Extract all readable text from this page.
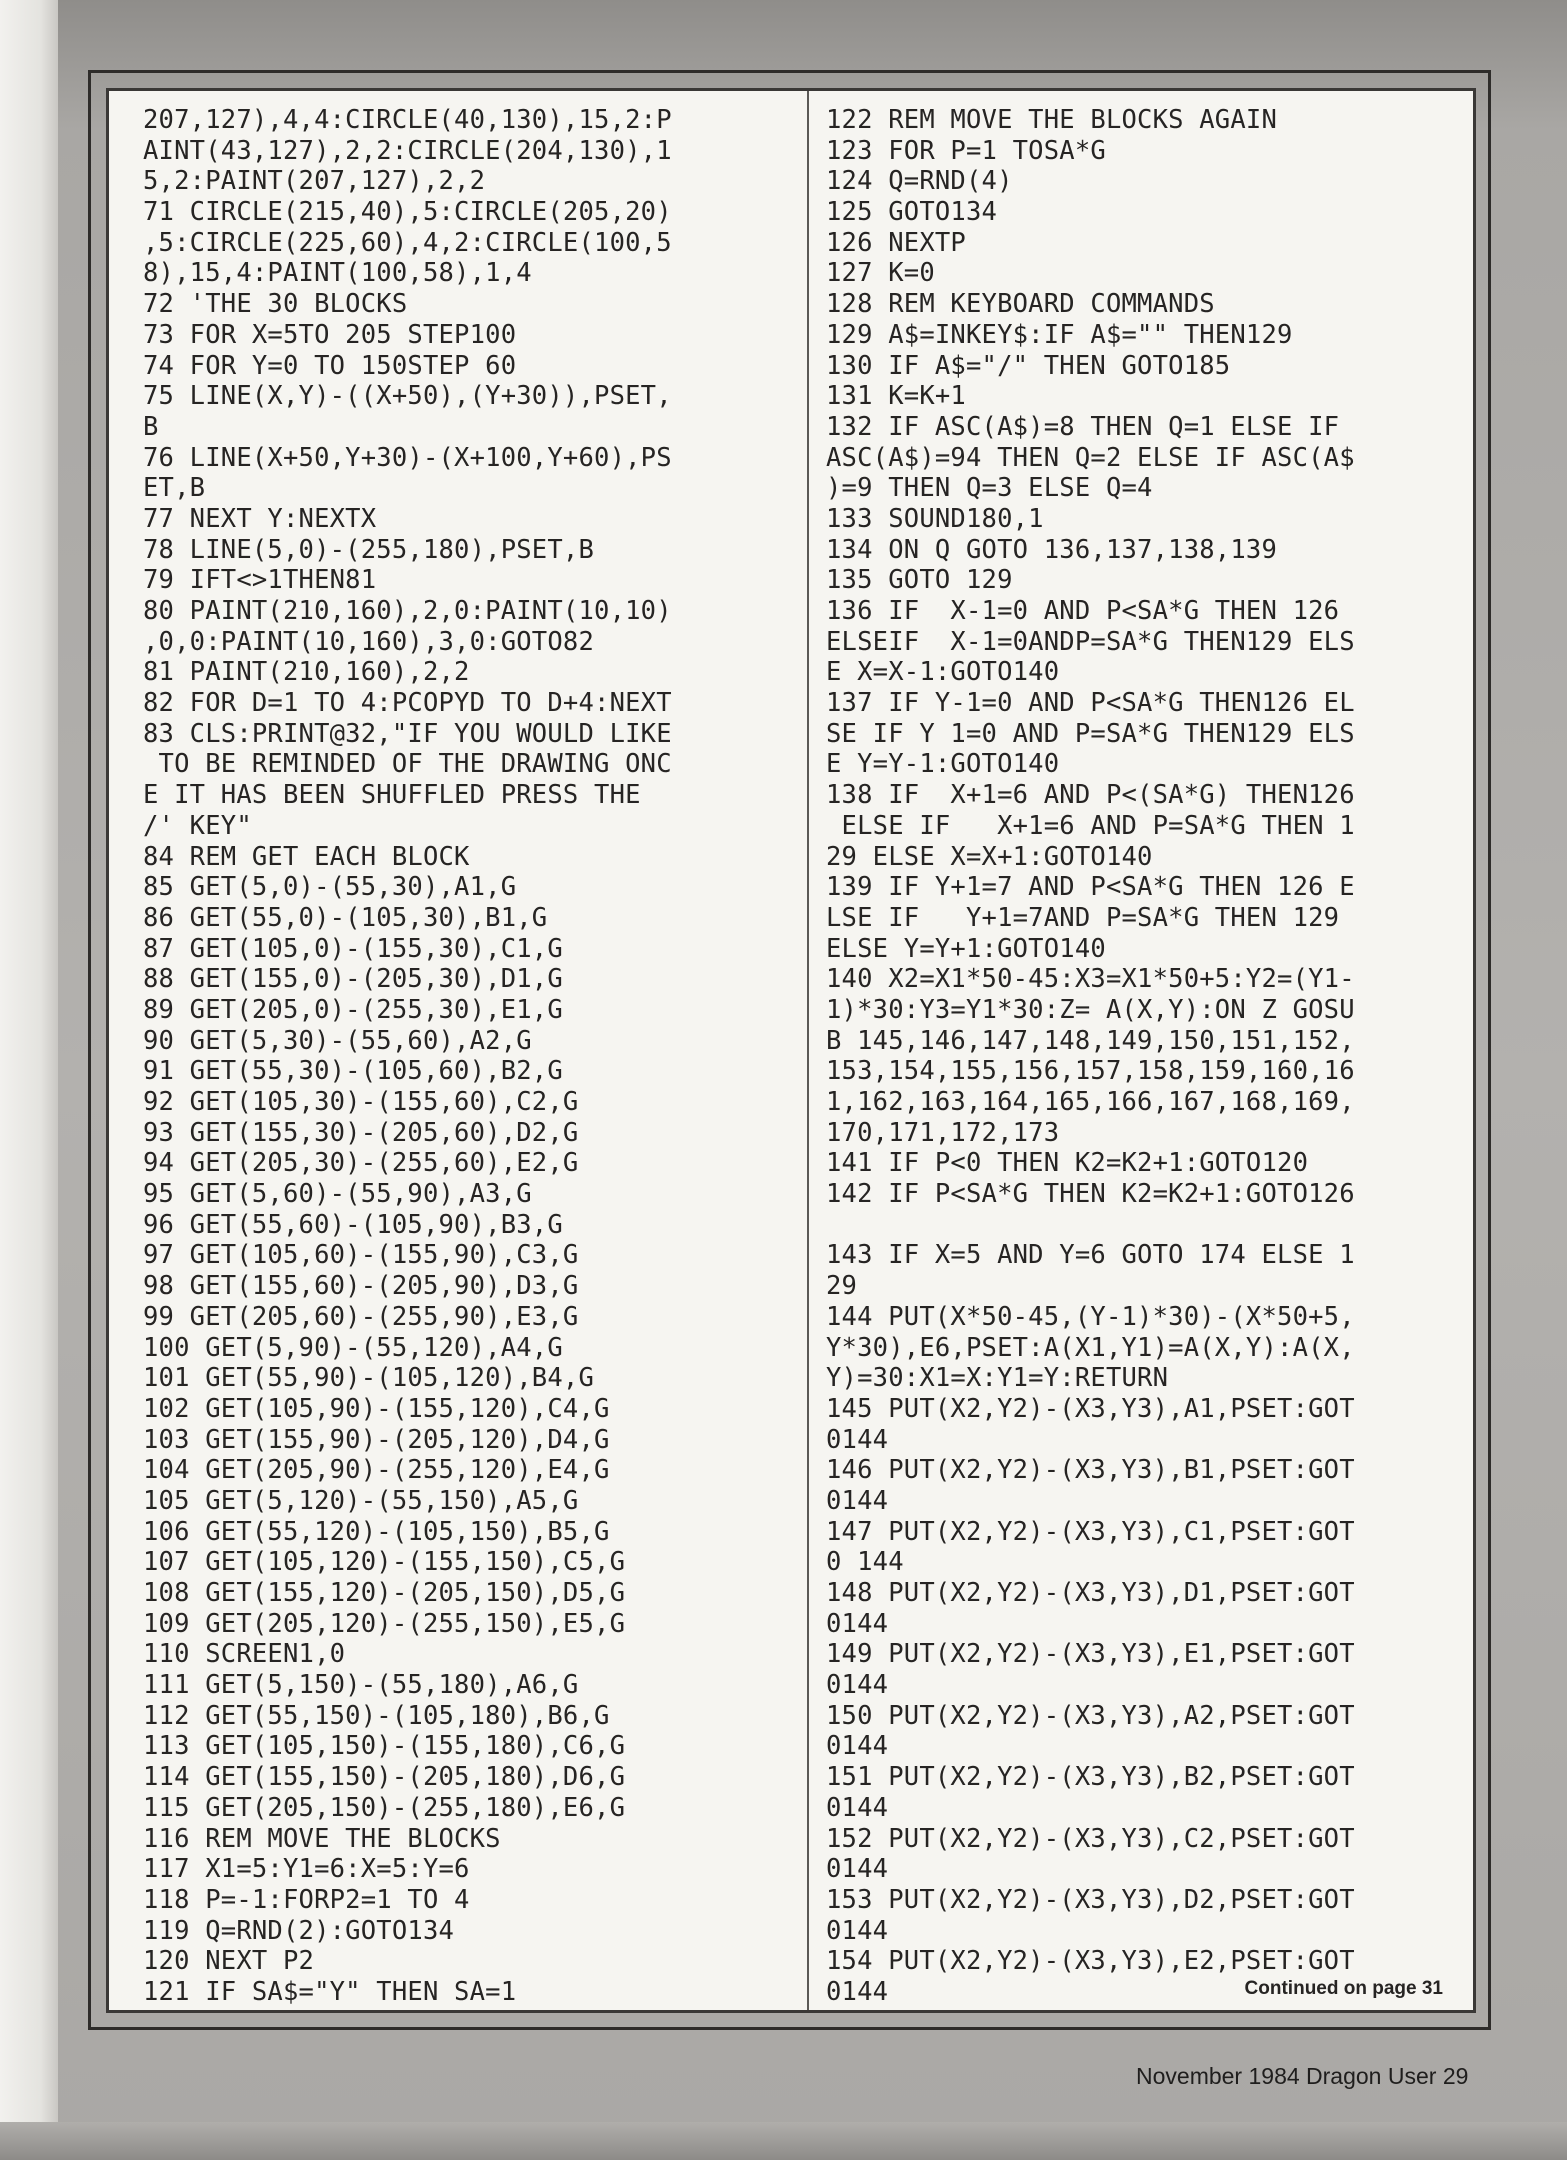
207,127),4,4:CIRCLE(40,130),15,2:P
AINT(43,127),2,2:CIRCLE(204,130),1
5,2:PAINT(207,127),2,2
71 CIRCLE(215,40),5:CIRCLE(205,20)
,5:CIRCLE(225,60),4,2:CIRCLE(100,5
8),15,4:PAINT(100,58),1,4
72 'THE 30 BLOCKS
73 FOR X=5TO 205 STEP100
74 FOR Y=0 TO 150STEP 60
75 LINE(X,Y)-((X+50),(Y+30)),PSET,
B
76 LINE(X+50,Y+30)-(X+100,Y+60),PS
ET,B
77 NEXT Y:NEXTX
78 LINE(5,0)-(255,180),PSET,B
79 IFT<>1THEN81
80 PAINT(210,160),2,0:PAINT(10,10)
,0,0:PAINT(10,160),3,0:GOTO82
81 PAINT(210,160),2,2
82 FOR D=1 TO 4:PCOPYD TO D+4:NEXT
83 CLS:PRINT@32,"IF YOU WOULD LIKE
TO BE REMINDED OF THE DRAWING ONC
E IT HAS BEEN SHUFFLED PRESS THE
/' KEY"
84 REM GET EACH BLOCK
85 GET(5,0)-(55,30),A1,G
86 GET(55,0)-(105,30),B1,G
87 GET(105,0)-(155,30),C1,G
88 GET(155,0)-(205,30),D1,G
89 GET(205,0)-(255,30),E1,G
90 GET(5,30)-(55,60),A2,G
91 GET(55,30)-(105,60),B2,G
92 GET(105,30)-(155,60),C2,G
93 GET(155,30)-(205,60),D2,G
94 GET(205,30)-(255,60),E2,G
95 GET(5,60)-(55,90),A3,G
96 GET(55,60)-(105,90),B3,G
97 GET(105,60)-(155,90),C3,G
98 GET(155,60)-(205,90),D3,G
99 GET(205,60)-(255,90),E3,G
100 GET(5,90)-(55,120),A4,G
101 GET(55,90)-(105,120),B4,G
102 GET(105,90)-(155,120),C4,G
103 GET(155,90)-(205,120),D4,G
104 GET(205,90)-(255,120),E4,G
105 GET(5,120)-(55,150),A5,G
106 GET(55,120)-(105,150),B5,G
107 GET(105,120)-(155,150),C5,G
108 GET(155,120)-(205,150),D5,G
109 GET(205,120)-(255,150),E5,G
110 SCREEN1,0
111 GET(5,150)-(55,180),A6,G
112 GET(55,150)-(105,180),B6,G
113 GET(105,150)-(155,180),C6,G
114 GET(155,150)-(205,180),D6,G
115 GET(205,150)-(255,180),E6,G
116 REM MOVE THE BLOCKS
117 X1=5:Y1=6:X=5:Y=6
118 P=-1:FORP2=1 TO 4
119 Q=RND(2):GOTO134
120 NEXT P2
121 IF SA$="Y" THEN SA=1
122 REM MOVE THE BLOCKS AGAIN
123 FOR P=1 TOSA*G
124 Q=RND(4)
125 GOTO134
126 NEXTP
127 K=0
128 REM KEYBOARD COMMANDS
129 A$=INKEY$:IF A$="" THEN129
130 IF A$="/" THEN GOTO185
131 K=K+1
132 IF ASC(A$)=8 THEN Q=1 ELSE IF
ASC(A$)=94 THEN Q=2 ELSE IF ASC(A$
)=9 THEN Q=3 ELSE Q=4
133 SOUND180,1
134 ON Q GOTO 136,137,138,139
135 GOTO 129
136 IF  X-1=0 AND P<SA*G THEN 126
ELSEIF  X-1=0ANDP=SA*G THEN129 ELS
E X=X-1:GOTO140
137 IF Y-1=0 AND P<SA*G THEN126 EL
SE IF Y 1=0 AND P=SA*G THEN129 ELS
E Y=Y-1:GOTO140
138 IF  X+1=6 AND P<(SA*G) THEN126
ELSE IF   X+1=6 AND P=SA*G THEN 1
29 ELSE X=X+1:GOTO140
139 IF Y+1=7 AND P<SA*G THEN 126 E
LSE IF   Y+1=7AND P=SA*G THEN 129
ELSE Y=Y+1:GOTO140
140 X2=X1*50-45:X3=X1*50+5:Y2=(Y1-
1)*30:Y3=Y1*30:Z= A(X,Y):ON Z GOSU
B 145,146,147,148,149,150,151,152,
153,154,155,156,157,158,159,160,16
1,162,163,164,165,166,167,168,169,
170,171,172,173
141 IF P<0 THEN K2=K2+1:GOTO120
142 IF P<SA*G THEN K2=K2+1:GOTO126
143 IF X=5 AND Y=6 GOTO 174 ELSE 1
29
144 PUT(X*50-45,(Y-1)*30)-(X*50+5,
Y*30),E6,PSET:A(X1,Y1)=A(X,Y):A(X,
Y)=30:X1=X:Y1=Y:RETURN
145 PUT(X2,Y2)-(X3,Y3),A1,PSET:GOT
0144
146 PUT(X2,Y2)-(X3,Y3),B1,PSET:GOT
0144
147 PUT(X2,Y2)-(X3,Y3),C1,PSET:GOT
0 144
148 PUT(X2,Y2)-(X3,Y3),D1,PSET:GOT
0144
149 PUT(X2,Y2)-(X3,Y3),E1,PSET:GOT
0144
150 PUT(X2,Y2)-(X3,Y3),A2,PSET:GOT
0144
151 PUT(X2,Y2)-(X3,Y3),B2,PSET:GOT
0144
152 PUT(X2,Y2)-(X3,Y3),C2,PSET:GOT
0144
153 PUT(X2,Y2)-(X3,Y3),D2,PSET:GOT
0144
154 PUT(X2,Y2)-(X3,Y3),E2,PSET:GOT
0144	Continued on page 31
November 1984 Dragon User 29
